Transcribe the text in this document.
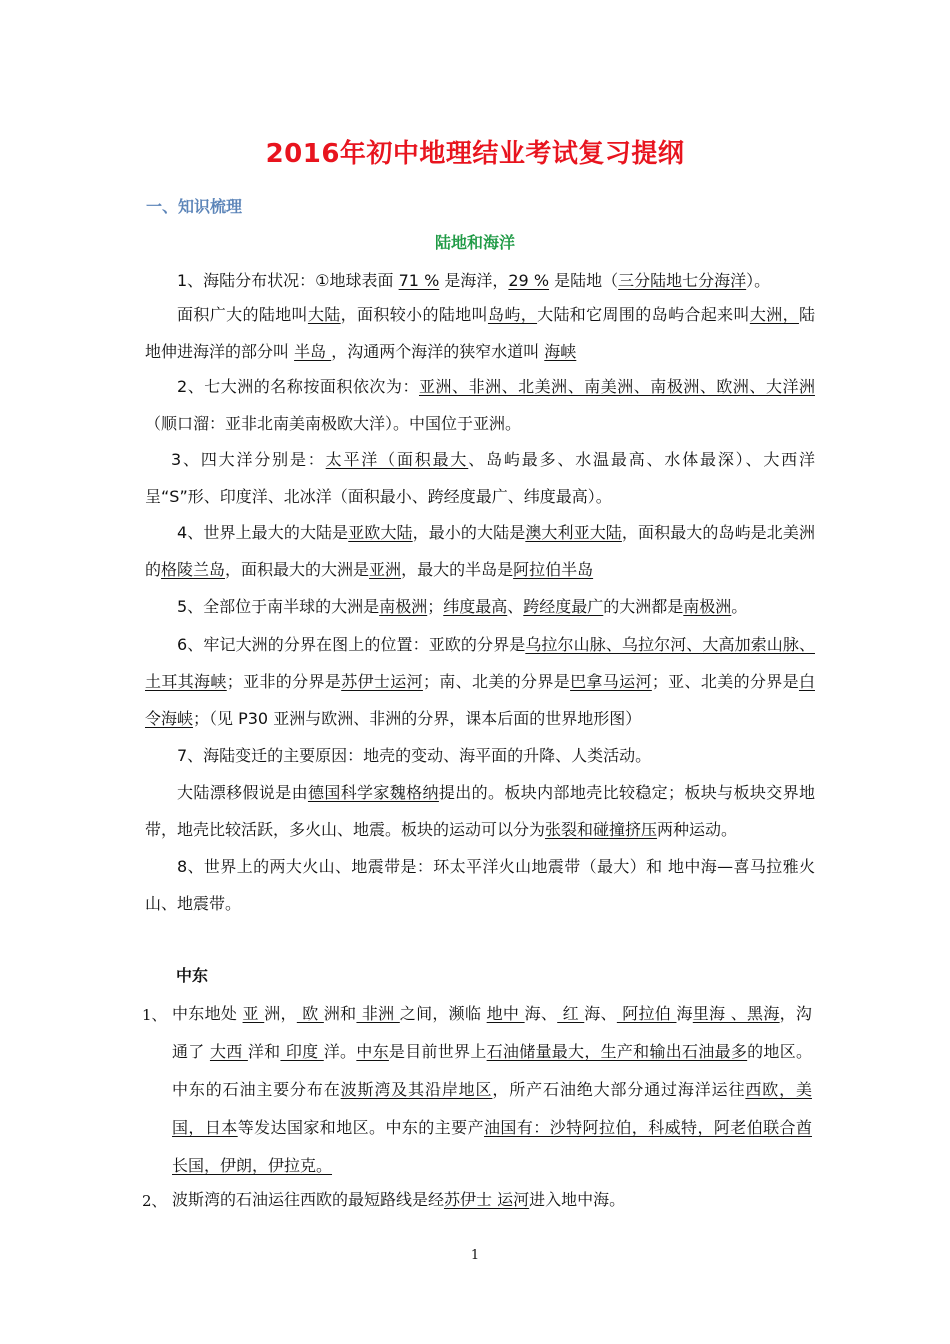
2016年初中地理结业考试复习提纲
一、知识梳理
陆地和海洋
1、海陆分布状况：①地球表面 71 % 是海洋，29 % 是陆地（三分陆地七分海洋）。
面积广大的陆地叫大陆，面积较小的陆地叫岛屿，大陆和它周围的岛屿合起来叫大洲，陆地伸进海洋的部分叫 半岛 ，沟通两个海洋的狭窄水道叫 海峡
2、七大洲的名称按面积依次为：亚洲、非洲、北美洲、南美洲、南极洲、欧洲、大洋洲（顺口溜：亚非北南美南极欧大洋）。中国位于亚洲。
3、四大洋分别是：太平洋（面积最大、岛屿最多、水温最高、水体最深）、大西洋呈“S”形、印度洋、北冰洋（面积最小、跨经度最广、纬度最高）。
4、世界上最大的大陆是亚欧大陆，最小的大陆是澳大利亚大陆，面积最大的岛屿是北美洲的格陵兰岛，面积最大的大洲是亚洲，最大的半岛是阿拉伯半岛
5、全部位于南半球的大洲是南极洲；纬度最高、跨经度最广的大洲都是南极洲。
6、牢记大洲的分界在图上的位置：亚欧的分界是乌拉尔山脉、乌拉尔河、大高加索山脉、土耳其海峡；亚非的分界是苏伊士运河；南、北美的分界是巴拿马运河；亚、北美的分界是白令海峡；（见 P30 亚洲与欧洲、非洲的分界，课本后面的世界地形图）
7、海陆变迁的主要原因：地壳的变动、海平面的升降、人类活动。
大陆漂移假说是由德国科学家魏格纳提出的。板块内部地壳比较稳定；板块与板块交界地带，地壳比较活跃，多火山、地震。板块的运动可以分为张裂和碰撞挤压两种运动。
8、世界上的两大火山、地震带是：环太平洋火山地震带（最大）和 地中海—喜马拉雅火山、地震带。
中东
1、 中东地处 亚 洲， 欧 洲和 非洲 之间，濒临 地中 海、 红 海、 阿拉伯 海里海 、黑海，沟通了 大西 洋和 印度 洋。中东是目前世界上石油储量最大，生产和输出石油最多的地区。中东的石油主要分布在波斯湾及其沿岸地区，所产石油绝大部分通过海洋运往西欧，美国，日本等发达国家和地区。中东的主要产油国有：沙特阿拉伯，科威特，阿老伯联合酋长国，伊朗，伊拉克。
2、 波斯湾的石油运往西欧的最短路线是经苏伊士 运河进入地中海。
1
